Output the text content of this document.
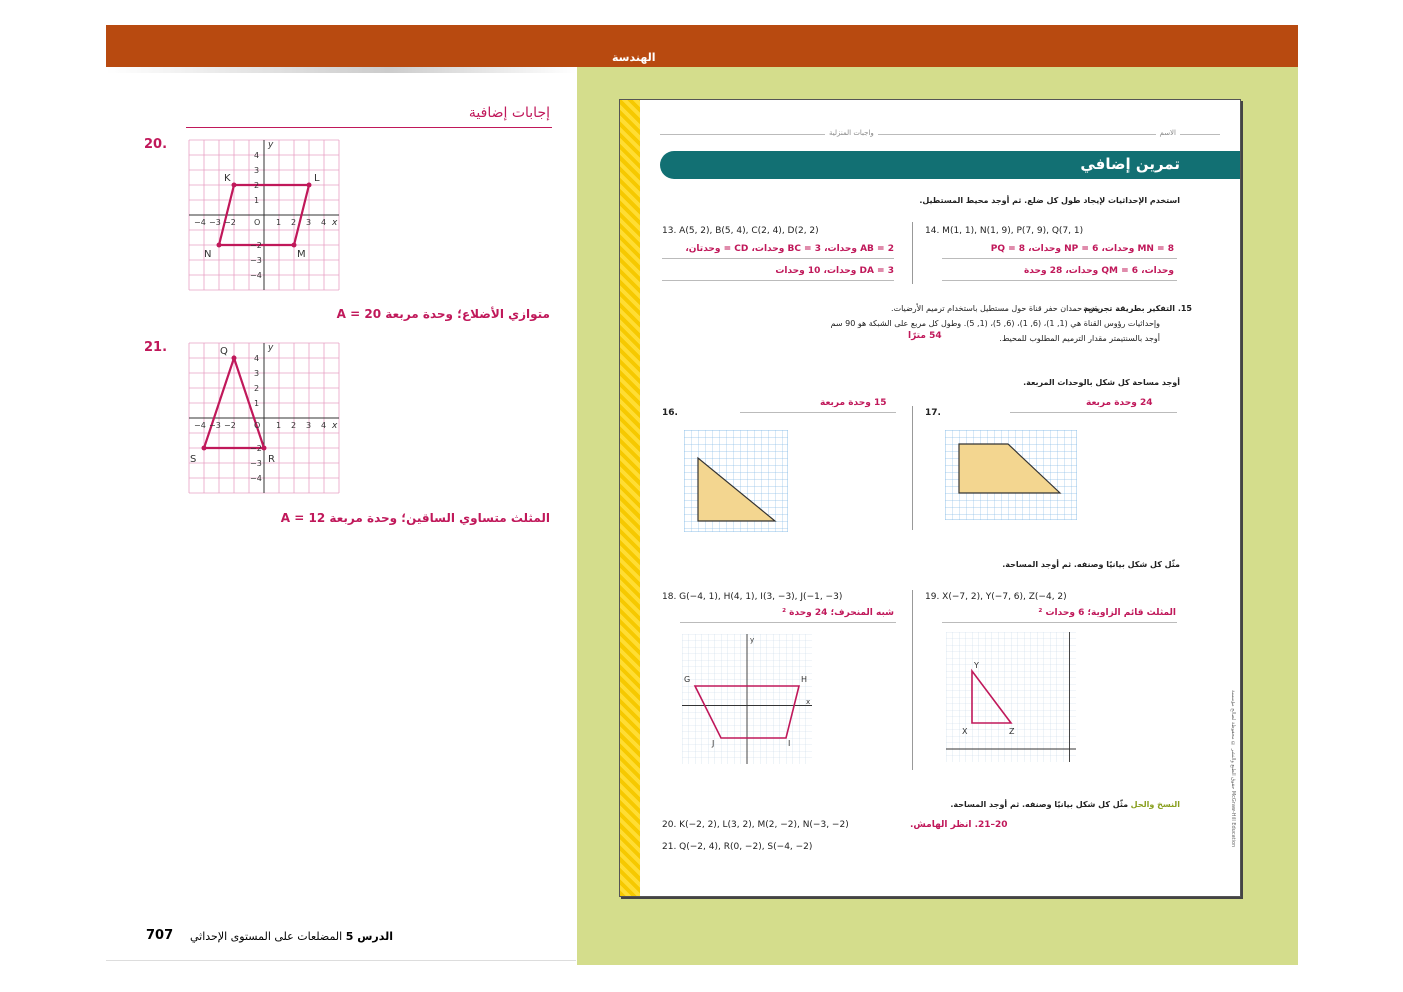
الهندسة
إجابات إضافية
20.
K	L
M
N
y
x
O
−4 −3 −2	1 2 3 4
4
3
2
1
−2
−3
−4
متوازي الأضلاع؛ وحدة مربعة A = 20
21.	Q
R
S
y
x
O
−4 −3 −2	1 2 3 4
4
3
2
1
−2
−3
−4
المثلث متساوي الساقين؛ وحدة مربعة A = 12
707	الدرس 5 المضلعات على المستوى الإحداثي
الاسم
واجبات المنزلية
تمرين إضافي
استخدم الإحداثيات لإيجاد طول كل ضلع. ثم أوجد محيط المستطيل.
13. A(5, 2), B(5, 4), C(2, 4), D(2, 2)
AB = 2 وحدات، BC = 3 وحدات، CD = وحدتان،
DA = 3 وحدات، 10 وحدات
14. M(1, 1), N(1, 9), P(7, 9), Q(7, 1)
MN = 8 وحدات، NP = 6 وحدات، PQ = 8
وحدات، QM = 6 وحدات، 28 وحدة
15. التفكير بطريقة تجريدية
يقوم حمدان حفر قناة حول مستطيل باستخدام ترميم الأرضيات.
وإحداثيات رؤوس القناة هي (1, 1)، (6, 1)، (6, 5)، (1, 5). وطول كل مربع على الشبكة هو 90 سم
أوجد بالسنتيمتر مقدار الترميم المطلوب للمحيط.
54 مترًا
أوجد مساحة كل شكل بالوحدات المربعة.
16.
15 وحدة مربعة
17.
24 وحدة مربعة
مثّل كل شكل بيانيًا وصنفه. ثم أوجد المساحة.
18. G(−4, 1), H(4, 1), I(3, −3), J(−1, −3)
شبه المنحرف؛ 24 وحدة ²
G	H
I
J
y
x
19. X(−7, 2), Y(−7, 6), Z(−4, 2)
المثلث قائم الزاوية؛ 6 وحدات ²
Y
X	Z
النسخ والحل مثّل كل شكل بيانيًا وصنفه. ثم أوجد المساحة.
20. K(−2, 2), L(3, 2), M(2, −2), N(−3, −2)	20–21. انظر الهامش.
21. Q(−2, 4), R(0, −2), S(−4, −2)
حقوق الطبع والنشر © محفوظة لصالح مؤسسة McGraw-Hill Education
